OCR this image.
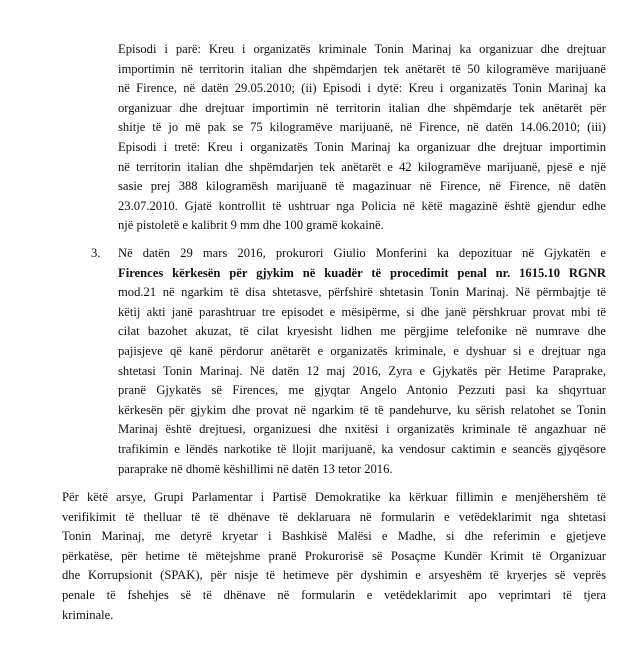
Episodi i parë: Kreu i organizatës kriminale Tonin Marinaj ka organizuar dhe drejtuar
importimin në territorin italian dhe shpëmdarjen tek anëtarët të 50 kilogramëve marijuanë
në Firence, në datën 29.05.2010; (ii) Episodi i dytë: Kreu i organizatës Tonin Marinaj ka
organizuar dhe drejtuar importimin në territorin italian dhe shpëmdarje tek anëtarët për
shitje të jo më pak se 75 kilogramëve marijuanë, në Firence, në datën 14.06.2010; (iii)
Episodi i tretë: Kreu i organizatës Tonin Marinaj ka organizuar dhe drejtuar importimin
në territorin italian dhe shpëmdarjen tek anëtarët e 42 kilogramëve marijuanë, pjesë e një
sasie prej 388 kilogramësh marijuanë të magazinuar në Firence, në Firence, në datën
23.07.2010. Gjatë kontrollit të ushtruar nga Policia në këtë magazinë është gjendur edhe
një pistoletë e kalibrit 9 mm dhe 100 gramë kokainë.
3. Në datën 29 mars 2016, prokurori Giulio Monferini ka depozituar në Gjykatën e
Firences kërkesën për gjykim në kuadër të procedimit penal nr. 1615.10 RGNR
mod.21 në ngarkim të disa shtetasve, përfshirë shtetasin Tonin Marinaj. Në përmbajtje të
këtij akti janë parashtruar tre episodet e mësipërme, si dhe janë përshkruar provat mbi të
cilat bazohet akuzat, të cilat kryesisht lidhen me përgjime telefonike në numrave dhe
pajisjeve që kanë përdorur anëtarët e organizatës kriminale, e dyshuar si e drejtuar nga
shtetasi Tonin Marinaj. Në datën 12 maj 2016, Zyra e Gjykatës për Hetime Paraprake,
pranë Gjykatës së Firences, me gjyqtar Angelo Antonio Pezzuti pasi ka shqyrtuar
kërkesën për gjykim dhe provat në ngarkim të të pandehurve, ku sërish relatohet se Tonin
Marinaj është drejtuesi, organizuesi dhe nxitësi i organizatës kriminale të angazhuar në
trafikimin e lëndës narkotike të llojit marijuanë, ka vendosur caktimin e seancës gjyqësore
paraprake në dhomë këshillimi në datën 13 tetor 2016.
Për këtë arsye, Grupi Parlamentar i Partisë Demokratike ka kërkuar fillimin e menjëhershëm të
verifikimit të thelluar të të dhënave të deklaruara në formularin e vetëdeklarimit nga shtetasi
Tonin Marinaj, me detyrë kryetar i Bashkisë Malësi e Madhe, si dhe referimin e gjetjeve
përkatëse, për hetime të mëtejshme pranë Prokurorisë së Posaçme Kundër Krimit të Organizuar
dhe Korrupsionit (SPAK), për nisje të hetimeve për dyshimin e arsyeshëm të kryerjes së veprës
penale të fshehjes së të dhënave në formularin e vetëdeklarimit apo veprimtari të tjera
kriminale.
